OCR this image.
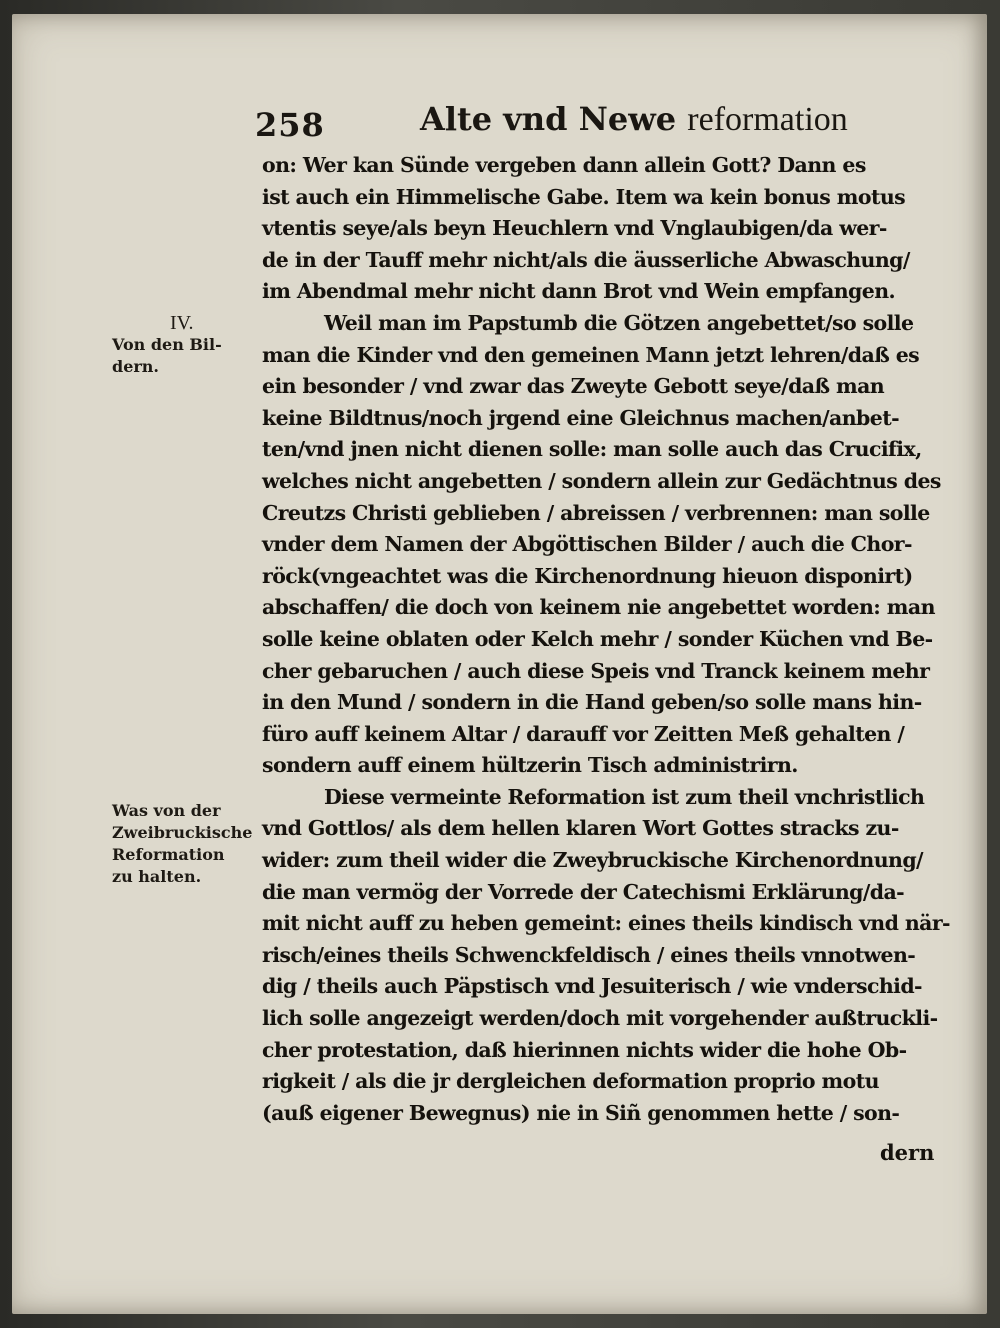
258	Alte vnd Newe reformation
IV.
Von den Bil-
dern.
Was von der
Zweibruckische
Reformation
zu halten.
on: Wer kan Sünde vergeben dann allein Gott? Dann es
ist auch ein Himmelische Gabe. Item wa kein bonus motus
vtentis seye/als beyn Heuchlern vnd Vnglaubigen/da wer-
de in der Tauff mehr nicht/als die äusserliche Abwaschung/
im Abendmal mehr nicht dann Brot vnd Wein empfangen.
Weil man im Papstumb die Götzen angebettet/so solle
man die Kinder vnd den gemeinen Mann jetzt lehren/daß es
ein besonder / vnd zwar das Zweyte Gebott seye/daß man
keine Bildtnus/noch jrgend eine Gleichnus machen/anbet-
ten/vnd jnen nicht dienen solle: man solle auch das Crucifix,
welches nicht angebetten / sondern allein zur Gedächtnus des
Creutzs Christi geblieben / abreissen / verbrennen: man solle
vnder dem Namen der Abgöttischen Bilder / auch die Chor-
röck(vngeachtet was die Kirchenordnung hieuon disponirt)
abschaffen/ die doch von keinem nie angebettet worden: man
solle keine oblaten oder Kelch mehr / sonder Küchen vnd Be-
cher gebaruchen / auch diese Speis vnd Tranck keinem mehr
in den Mund / sondern in die Hand geben/so solle mans hin-
füro auff keinem Altar / darauff vor Zeitten Meß gehalten /
sondern auff einem hültzerin Tisch administrirn.
Diese vermeinte Reformation ist zum theil vnchristlich
vnd Gottlos/ als dem hellen klaren Wort Gottes stracks zu-
wider: zum theil wider die Zweybruckische Kirchenordnung/
die man vermög der Vorrede der Catechismi Erklärung/da-
mit nicht auff zu heben gemeint: eines theils kindisch vnd när-
risch/eines theils Schwenckfeldisch / eines theils vnnotwen-
dig / theils auch Päpstisch vnd Jesuiterisch / wie vnderschid-
lich solle angezeigt werden/doch mit vorgehender außtruckli-
cher protestation, daß hierinnen nichts wider die hohe Ob-
rigkeit / als die jr dergleichen deformation proprio motu
(auß eigener Bewegnus) nie in Siñ genommen hette / son-
dern
